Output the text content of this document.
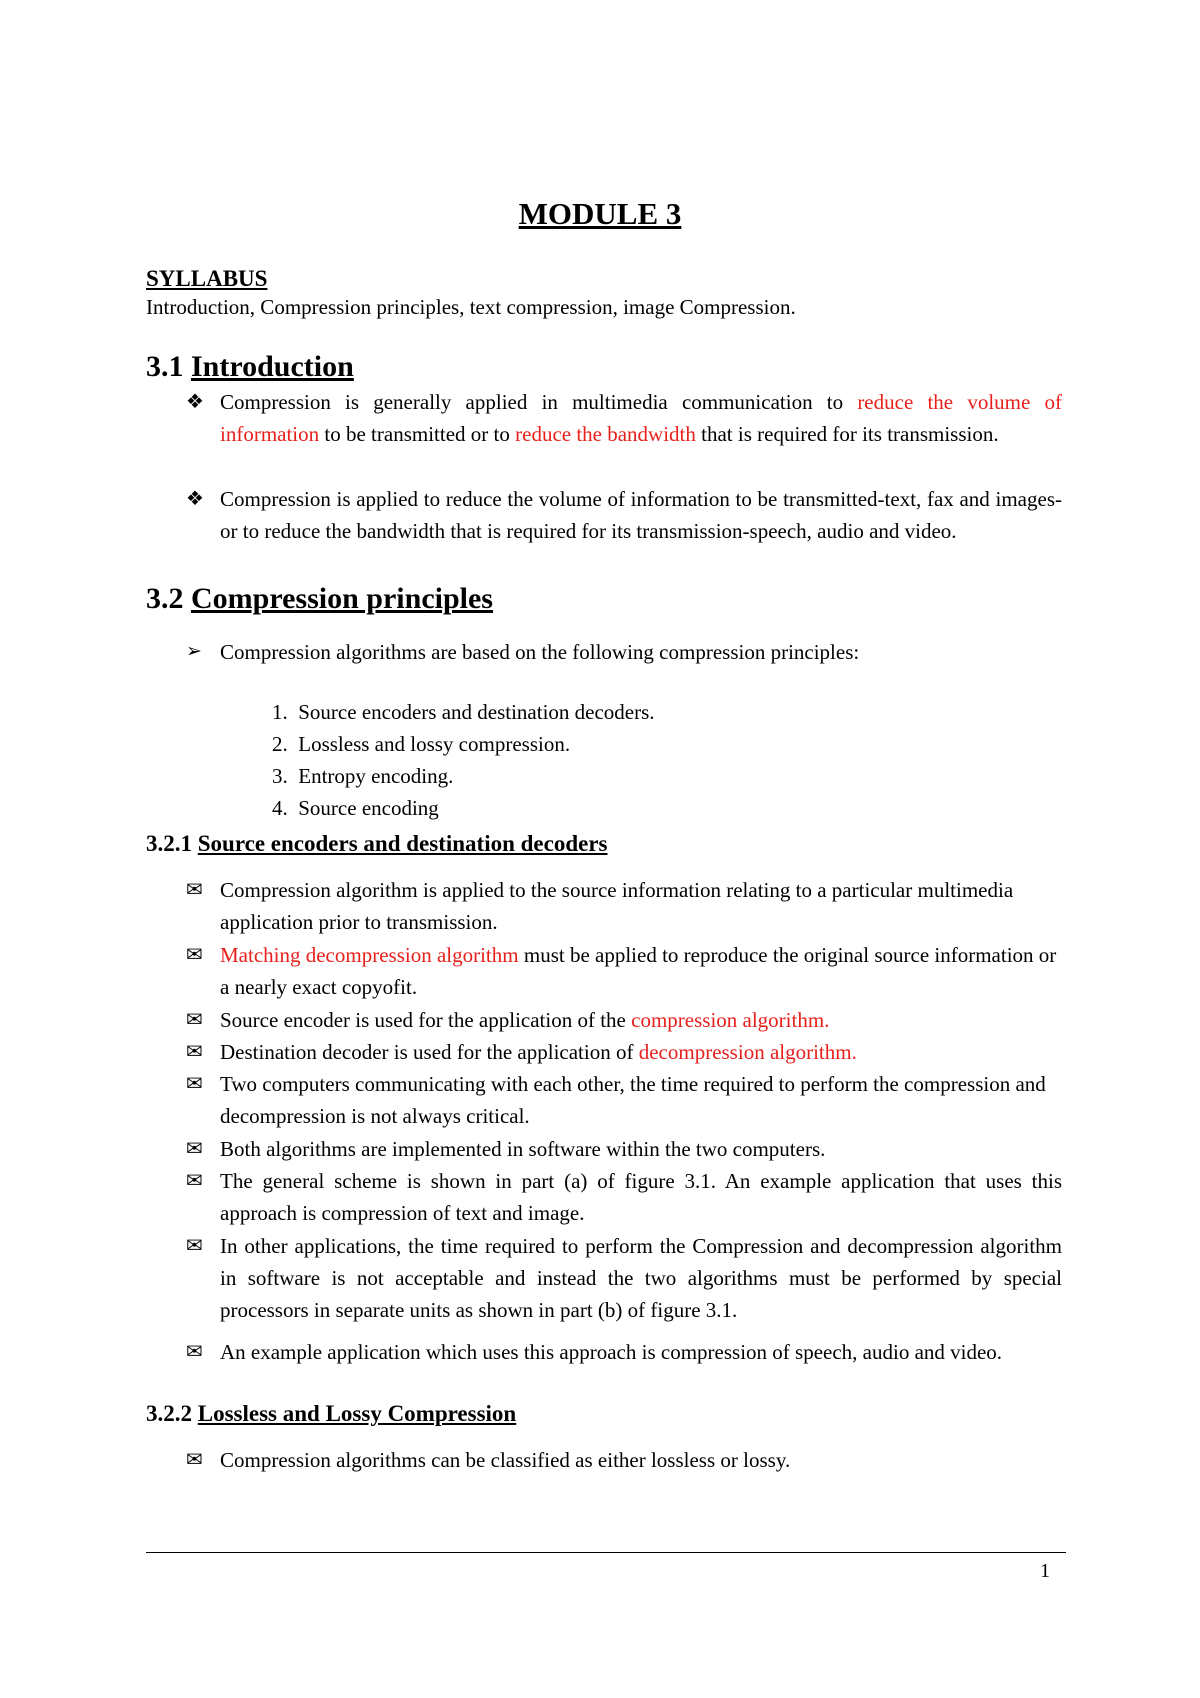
MODULE 3
SYLLABUS
Introduction, Compression principles, text compression, image Compression.
3.1 Introduction
❖ Compression is generally applied in multimedia communication to reduce the volume of information to be transmitted or to reduce the bandwidth that is required for its transmission.
❖ Compression is applied to reduce the volume of information to be transmitted-text, fax and images-or to reduce the bandwidth that is required for its transmission-speech, audio and video.
3.2 Compression principles
➢ Compression algorithms are based on the following compression principles:
1.  Source encoders and destination decoders.
2.  Lossless and lossy compression.
3.  Entropy encoding.
4.  Source encoding
3.2.1 Source encoders and destination decoders
✉ Compression algorithm is applied to the source information relating to a particular multimedia application prior to transmission.
✉ Matching decompression algorithm must be applied to reproduce the original source information or a nearly exact copyofit.
✉ Source encoder is used for the application of the compression algorithm.
✉ Destination decoder is used for the application of decompression algorithm.
✉ Two computers communicating with each other, the time required to perform the compression and decompression is not always critical.
✉ Both algorithms are implemented in software within the two computers.
✉ The general scheme is shown in part (a) of figure 3.1. An example application that uses this approach is compression of text and image.
✉ In other applications, the time required to perform the Compression and decompression algorithm in software is not acceptable and instead the two algorithms must be performed by special processors in separate units as shown in part (b) of figure 3.1.
✉ An example application which uses this approach is compression of speech, audio and video.
3.2.2 Lossless and Lossy Compression
✉ Compression algorithms can be classified as either lossless or lossy.
1
